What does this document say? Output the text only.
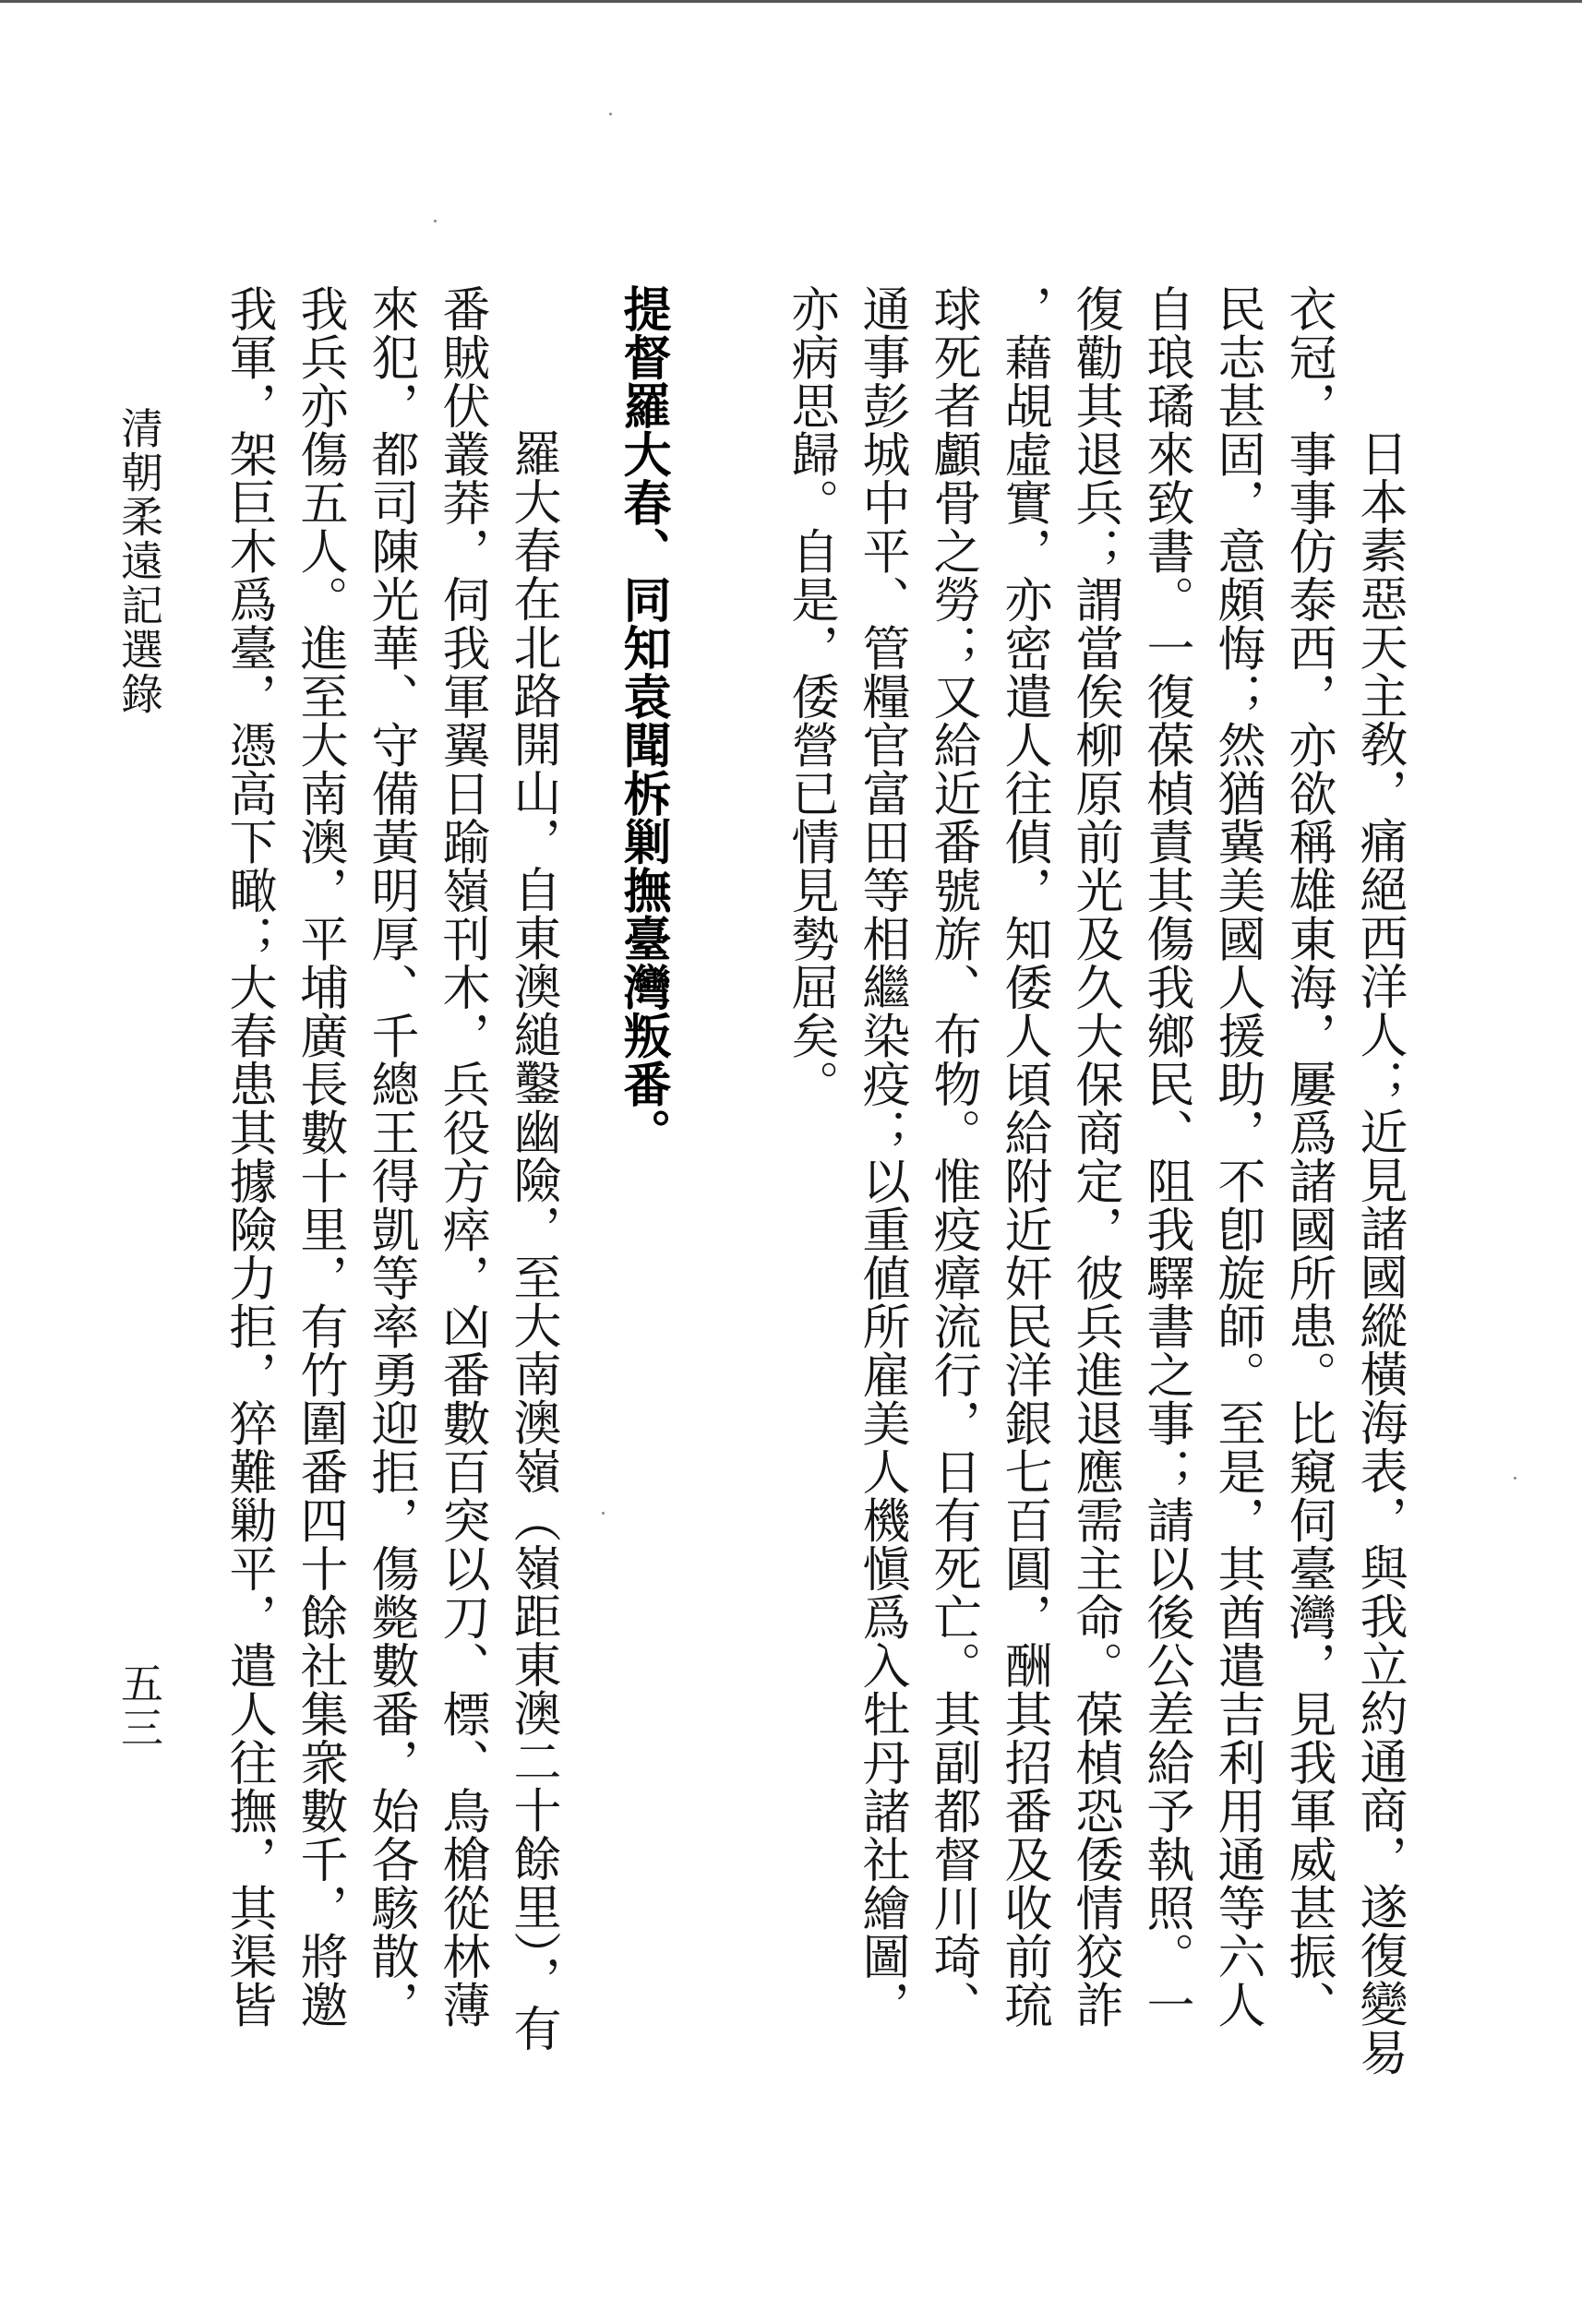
　日本素惡天主敎，痛絕西洋人；近見諸國縱橫海表，與我立約通商，遂復變易
衣冠，事事仿泰西，亦欲稱雄東海，屢爲諸國所患。比窺伺臺灣，見我軍威甚振、
民志甚固，意頗悔；然猶冀美國人援助，不卽旋師。至是，其酋遣吉利用通等六人
自琅璚來致書。一復葆楨責其傷我鄉民、阻我驛書之事；請以後公差給予執照。一
復勸其退兵；謂當俟柳原前光及久大保商定，彼兵進退應需主命。葆楨恐倭情狡詐
，藉覘虛實，亦密遣人往偵，知倭人頃給附近奸民洋銀七百圓，酬其招番及收前琉
球死者顱骨之勞；又給近番號旂、布物。惟疫瘴流行，日有死亡。其副都督川琦、
通事彭城中平、管糧官富田等相繼染疫；以重値所雇美人機愼爲入牡丹諸社繪圖，
亦病思歸。自是，倭營已情見勢屈矣。
提督羅大春、同知袁聞柝剿撫臺灣叛番。
　羅大春在北路開山，自東澳縋鑿幽險，至大南澳嶺（嶺距東澳二十餘里），有
番賊伏叢莽，伺我軍翼日踰嶺刊木，兵役方瘁，凶番數百突以刀、標、鳥槍從林薄
來犯，都司陳光華、守備黃明厚、千總王得凱等率勇迎拒，傷斃數番，始各駭散，
我兵亦傷五人。進至大南澳，平埔廣長數十里，有竹圍番四十餘社集衆數千，將邀
我軍，架巨木爲臺，憑高下瞰；大春患其據險力拒，猝難勦平，遣人往撫，其渠皆
清朝柔遠記選錄
五三
